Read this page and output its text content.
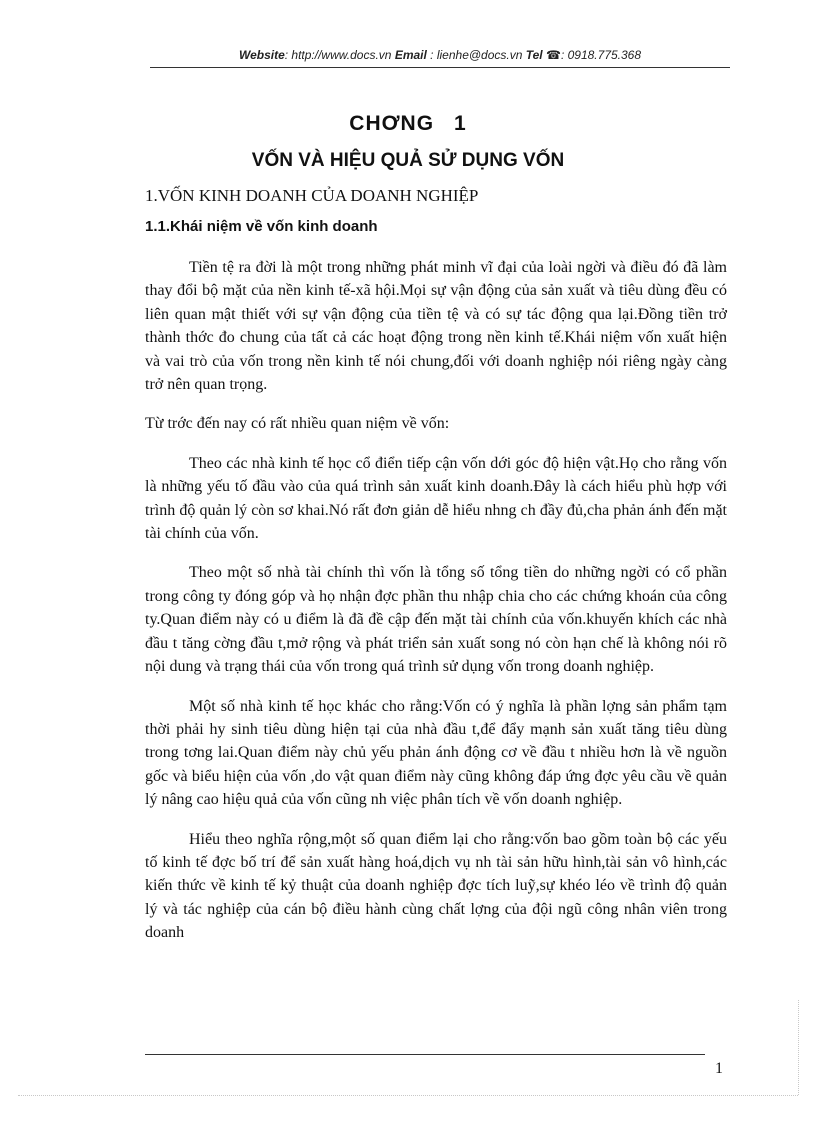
Website: http://www.docs.vn Email : lienhe@docs.vn Tel ☎: 0918.775.368
CHƠNG 1
VỐN VÀ HIỆU QUẢ SỬ DỤNG VỐN
1.VỐN KINH DOANH CỦA DOANH NGHIỆP
1.1.Khái niệm về vốn kinh doanh

Tiền tệ ra đời là một trong những phát minh vĩ đại của loài ngời và điều đó đã làm thay đổi bộ mặt của nền kinh tế-xã hội.Mọi sự vận động của sản xuất và tiêu dùng đều có liên quan mật thiết với sự vận động của tiền tệ và có sự tác động qua lại.Đồng tiền trở thành thớc đo chung của tất cả các hoạt động trong nền kinh tế.Khái niệm vốn xuất hiện và vai trò của vốn trong nền kinh tế nói chung,đối với doanh nghiệp nói riêng ngày càng trở nên quan trọng.

Từ trớc đến nay có rất nhiều quan niệm về vốn:

Theo các nhà kinh tế học cổ điển tiếp cận vốn dới góc độ hiện vật.Họ cho rằng vốn là những yếu tố đầu vào của quá trình sản xuất kinh doanh.Đây là cách hiểu phù hợp với trình độ quản lý còn sơ khai.Nó rất đơn giản dễ hiểu nhng ch đầy đủ,cha phản ánh đến mặt tài chính của vốn.

Theo một số nhà tài chính thì vốn là tổng số tổng tiền do những ngời có cổ phần trong công ty đóng góp và họ nhận đợc phần thu nhập chia cho các chứng khoán của công ty.Quan điểm này có u điểm là đã đề cập đến mặt tài chính của vốn.khuyến khích các nhà đầu t tăng cờng đầu t,mở rộng và phát triển sản xuất song nó còn hạn chế là không nói rõ nội dung và trạng thái của vốn trong quá trình sử dụng vốn trong doanh nghiệp.

Một số nhà kinh tế học khác cho rằng:Vốn có ý nghĩa là phần lợng sản phẩm tạm thời phải hy sinh tiêu dùng hiện tại của nhà đầu t,để đẩy mạnh sản xuất tăng tiêu dùng trong tơng lai.Quan điểm này chủ yếu phản ánh động cơ về đầu t nhiều hơn là về nguồn gốc và biểu hiện của vốn ,do vật quan điểm này cũng không đáp ứng đợc yêu cầu về quản lý nâng cao hiệu quả của vốn cũng nh việc phân tích về vốn doanh nghiệp.

Hiểu theo nghĩa rộng,một số quan điểm lại cho rằng:vốn bao gồm toàn bộ các yếu tố kinh tế đợc bố trí để sản xuất hàng hoá,dịch vụ nh tài sản hữu hình,tài sản vô hình,các kiến thức về kinh tế kỷ thuật của doanh nghiệp đợc tích luỹ,sự khéo léo về trình độ quản lý và tác nghiệp của cán bộ điều hành cùng chất lợng của đội ngũ công nhân viên trong doanh

1
